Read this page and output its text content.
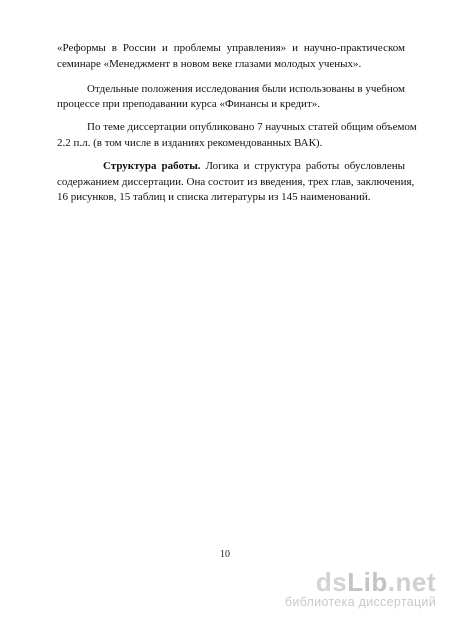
«Реформы в России и проблемы управления» и научно-практическом
семинаре «Менеджмент в новом веке глазами молодых ученых».

Отдельные положения исследования были использованы в учебном
процессе при преподавании курса «Финансы и кредит».

По теме диссертации опубликовано 7 научных статей общим объемом
2.2 п.л. (в том числе в изданиях рекомендованных ВАК).

Структура работы. Логика и структура работы обусловлены
содержанием диссертации. Она состоит из введения, трех глав, заключения,
16 рисунков, 15 таблиц и списка литературы из 145 наименований.

10
dsLib.net
библиотека диссертаций
